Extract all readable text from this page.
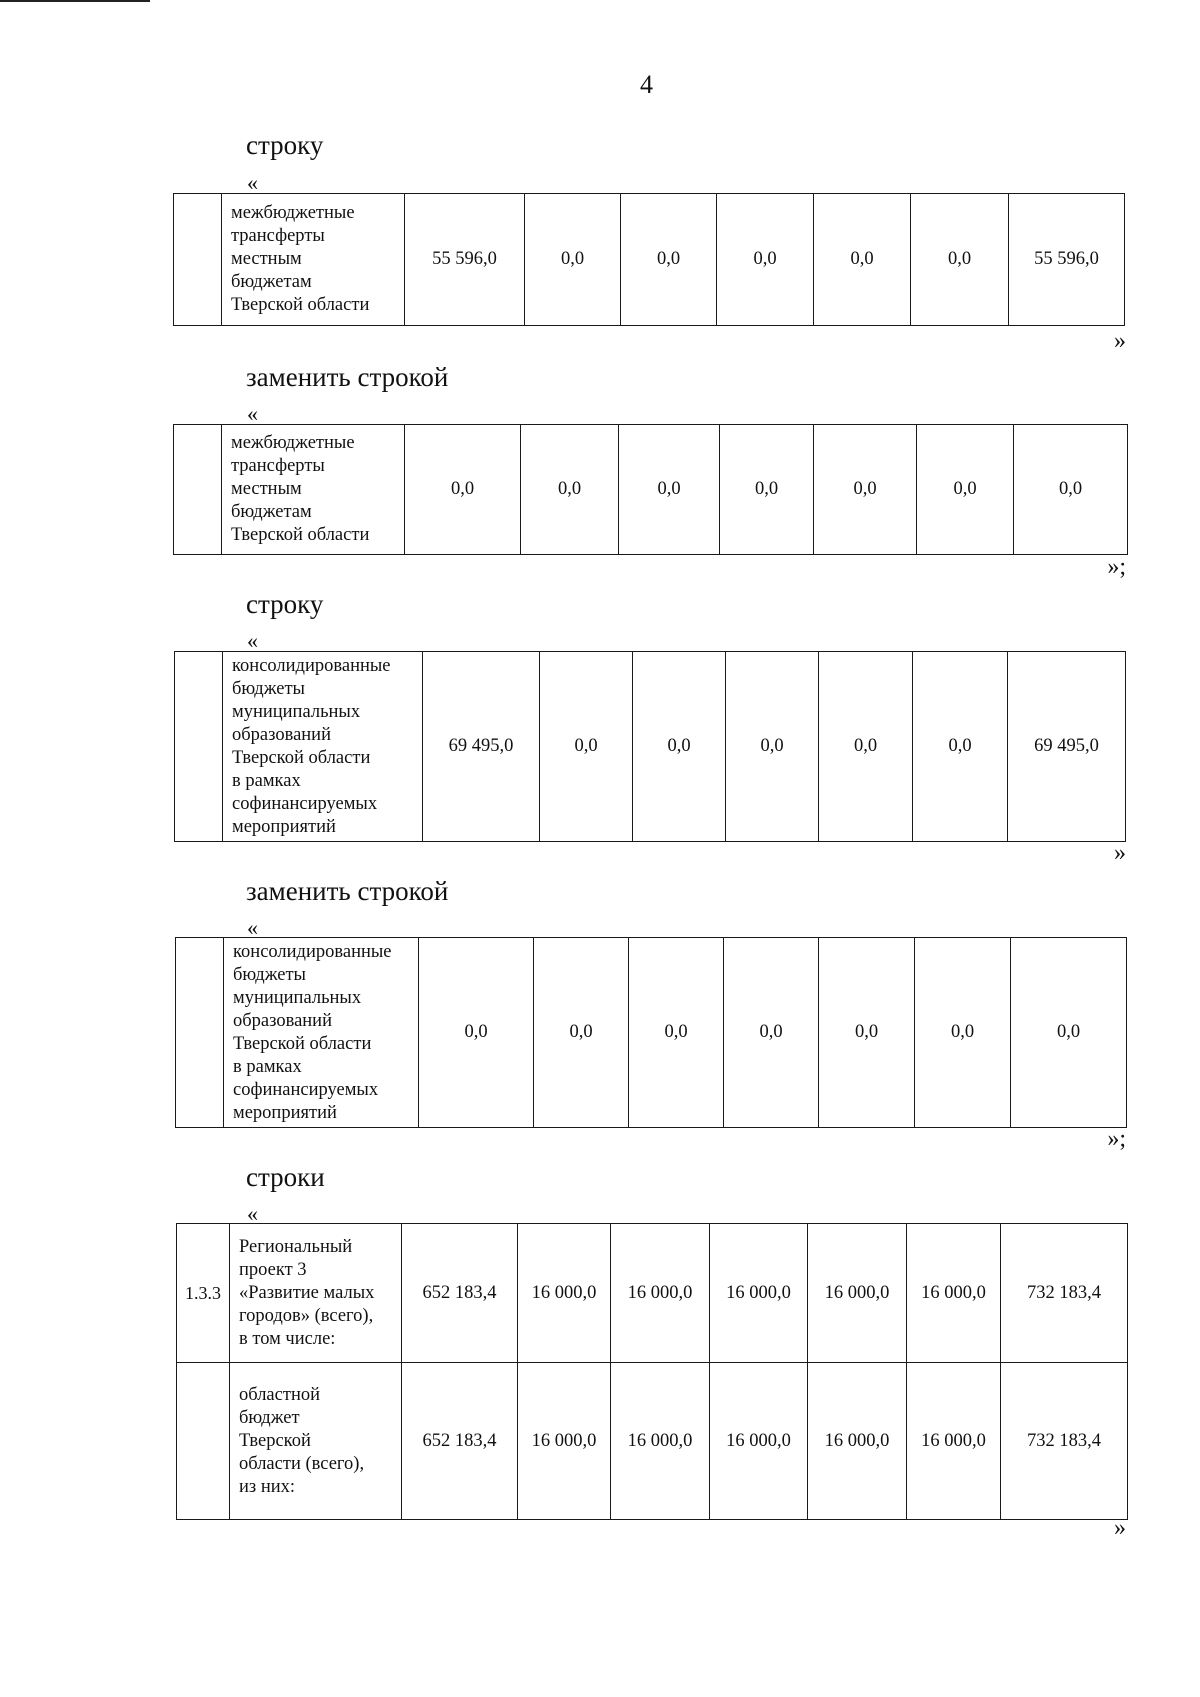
4
строку
«

межбюджетные
трансферты
местным
бюджетам
Тверской области
	55 596,0	0,0	0,0	0,0	0,0	0,0	55 596,0
»
заменить строкой
«

межбюджетные
трансферты
местным
бюджетам
Тверской области
	0,0	0,0	0,0	0,0	0,0	0,0	0,0
»;
строку
«

консолидированные
бюджеты
муниципальных
образований
Тверской области
в рамках
софинансируемых
мероприятий
	69 495,0	0,0	0,0	0,0	0,0	0,0	69 495,0
»
заменить строкой
«

консолидированные
бюджеты
муниципальных
образований
Тверской области
в рамках
софинансируемых
мероприятий
	0,0	0,0	0,0	0,0	0,0	0,0	0,0
»;
строки
«
1.3.3	Региональный
проект 3
«Развитие малых
городов» (всего),
в том числе:	652 183,4	16 000,0	16 000,0	16 000,0	16 000,0	16 000,0	732 183,4

	областной
бюджет
Тверской
области (всего),
из них:	652 183,4	16 000,0	16 000,0	16 000,0	16 000,0	16 000,0	732 183,4
»
